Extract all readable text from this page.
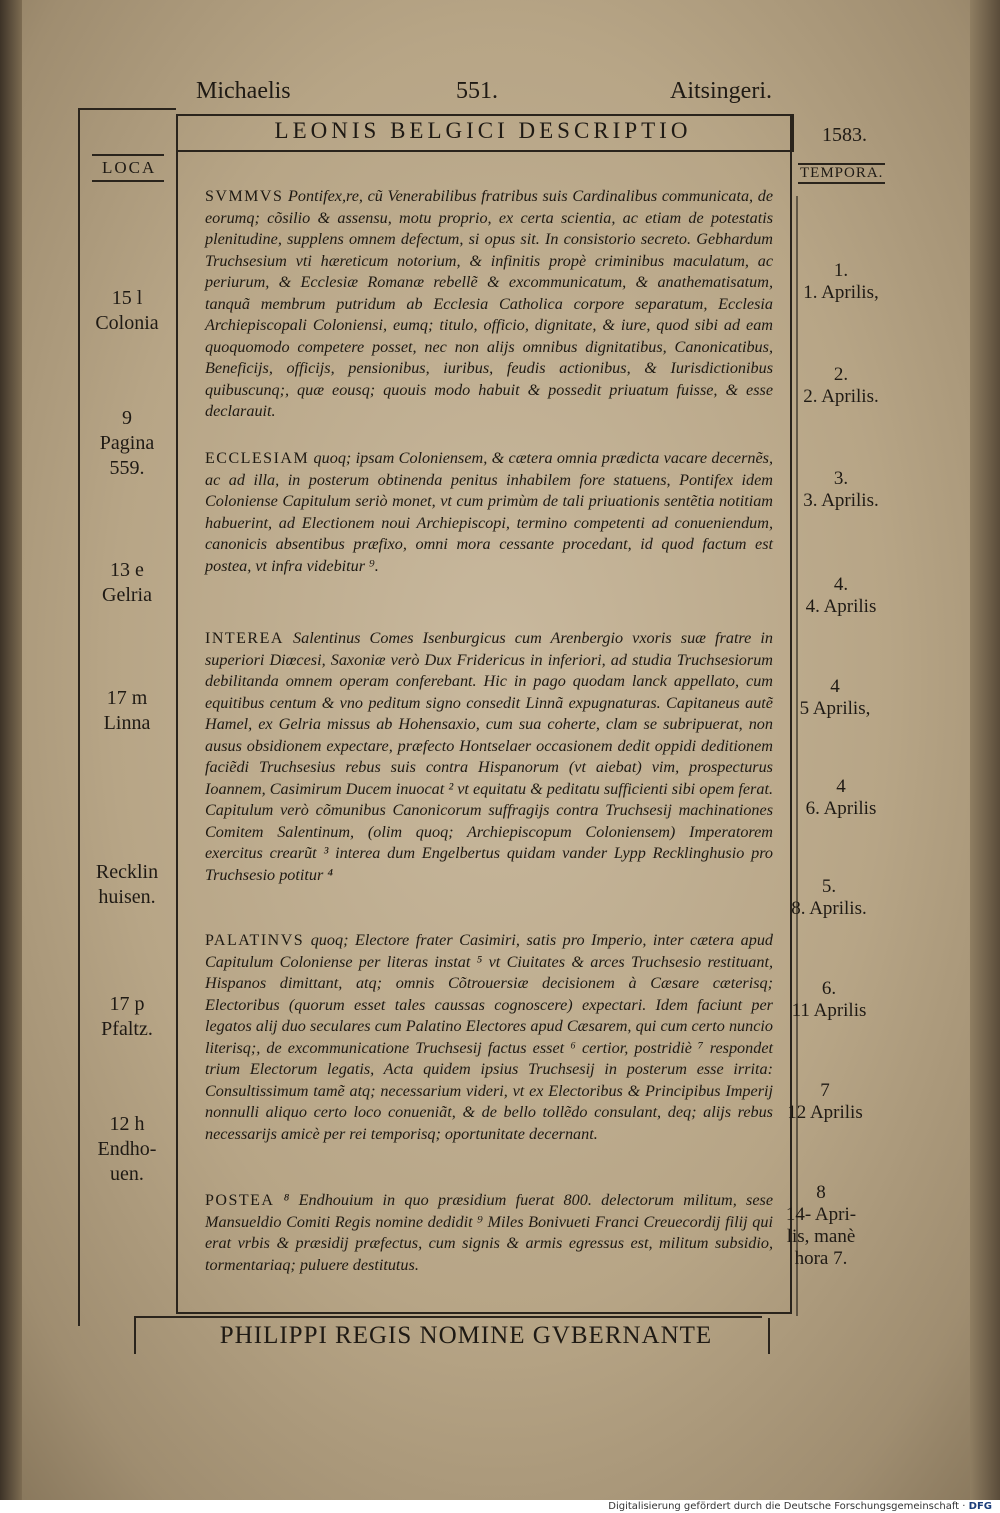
Michaelis	551.	Aitsingeri.
LEONIS BELGICI DESCRIPTIO	1583.
LOCA	TEMPORA.
PHILIPPI REGIS NOMINE GVBERNANTE
SVMMVS Pontifex,re, cũ Venerabilibus fratribus suis Cardinalibus communicata, de eorumq; cõsilio & assensu, motu proprio, ex certa scientia, ac etiam de potestatis plenitudine, supplens omnem defectum, si opus sit. In consistorio secreto. Gebhardum Truchsesium vti hæreticum notorium, & infinitis propè criminibus maculatum, ac periurum, & Ecclesiæ Romanæ rebellẽ & excommunicatum, & anathematisatum, tanquã membrum putridum ab Ecclesia Catholica corpore separatum, Ecclesia Archiepiscopali Coloniensi, eumq; titulo, officio, dignitate, & iure, quod sibi ad eam quoquomodo competere posset, nec non alijs omnibus dignitatibus, Canonicatibus, Beneficijs, officijs, pensionibus, iuribus, feudis actionibus, & Iurisdictionibus quibuscunq;, quæ eousq; quouis modo habuit & possedit priuatum fuisse, & esse declarauit.
ECCLESIAM quoq; ipsam Coloniensem, & cætera omnia prædicta vacare decernẽs, ac ad illa, in posterum obtinenda penitus inhabilem fore statuens, Pontifex idem Coloniense Capitulum seriò monet, vt cum primùm de tali priuationis sentẽtia notitiam habuerint, ad Electionem noui Archiepiscopi, termino competenti ad conueniendum, canonicis absentibus præfixo, omni mora cessante procedant, id quod factum est postea, vt infra videbitur ⁹.
INTEREA Salentinus Comes Isenburgicus cum Arenbergio vxoris suæ fratre in superiori Diœcesi, Saxoniæ verò Dux Fridericus in inferiori, ad studia Truchsesiorum debilitanda omnem operam conferebant. Hic in pago quodam lanck appellato, cum equitibus centum & vno peditum signo consedit Linnã expugnaturas. Capitaneus autẽ Hamel, ex Gelria missus ab Hohensaxio, cum sua coherte, clam se subripuerat, non ausus obsidionem expectare, præfecto Hontselaer occasionem dedit oppidi deditionem faciẽdi Truchsesius rebus suis contra Hispanorum (vt aiebat) vim, prospecturus Ioannem, Casimirum Ducem inuocat ² vt equitatu & peditatu sufficienti sibi opem ferat. Capitulum verò cõmunibus Canonicorum suffragijs contra Truchsesij machinationes Comitem Salentinum, (olim quoq; Archiepiscopum Coloniensem) Imperatorem exercitus crearũt ³ interea dum Engelbertus quidam vander Lypp Recklinghusio pro Truchsesio potitur ⁴
PALATINVS quoq; Electore frater Casimiri, satis pro Imperio, inter cætera apud Capitulum Coloniense per literas instat ⁵ vt Ciuitates & arces Truchsesio restituant, Hispanos dimittant, atq; omnis Cõtrouersiæ decisionem à Cæsare cæterisq; Electoribus (quorum esset tales caussas cognoscere) expectari. Idem faciunt per legatos alij duo seculares cum Palatino Electores apud Cæsarem, qui cum certo nuncio literisq;, de excommunicatione Truchsesij factus esset ⁶ certior, postridiè ⁷ respondet trium Electorum legatis, Acta quidem ipsius Truchsesij in posterum esse irrita: Consultissimum tamẽ atq; necessarium videri, vt ex Electoribus & Principibus Imperij nonnulli aliquo certo loco conueniãt, & de bello tollẽdo consulant, deq; alijs rebus necessarijs amicè per rei temporisq; oportunitate decernant.
POSTEA ⁸ Endhouium in quo præsidium fuerat 800. delectorum militum, sese Mansueldio Comiti Regis nomine dedidit ⁹ Miles Bonivueti Franci Creuecordij filij qui erat vrbis & præsidij præfectus, cum signis & armis egressus est, militum subsidio, tormentariaq; puluere destitutus.
15 l
Colonia
9
Pagina
559.
13 e
Gelria
17 m
Linna
Recklin
huisen.
17 p
Pfaltz.
12 h
Endho-
uen.
1.
1. Aprilis,
2.
2. Aprilis.
3.
3. Aprilis.
4.
4. Aprilis
4
5 Aprilis,
4
6. Aprilis
5.
8. Aprilis.
6.
11 Aprilis
7
12 Aprilis
8
14- Apri-
lis, manè
hora 7.
Digitalisierung gefördert durch die Deutsche Forschungsgemeinschaft · DFG
